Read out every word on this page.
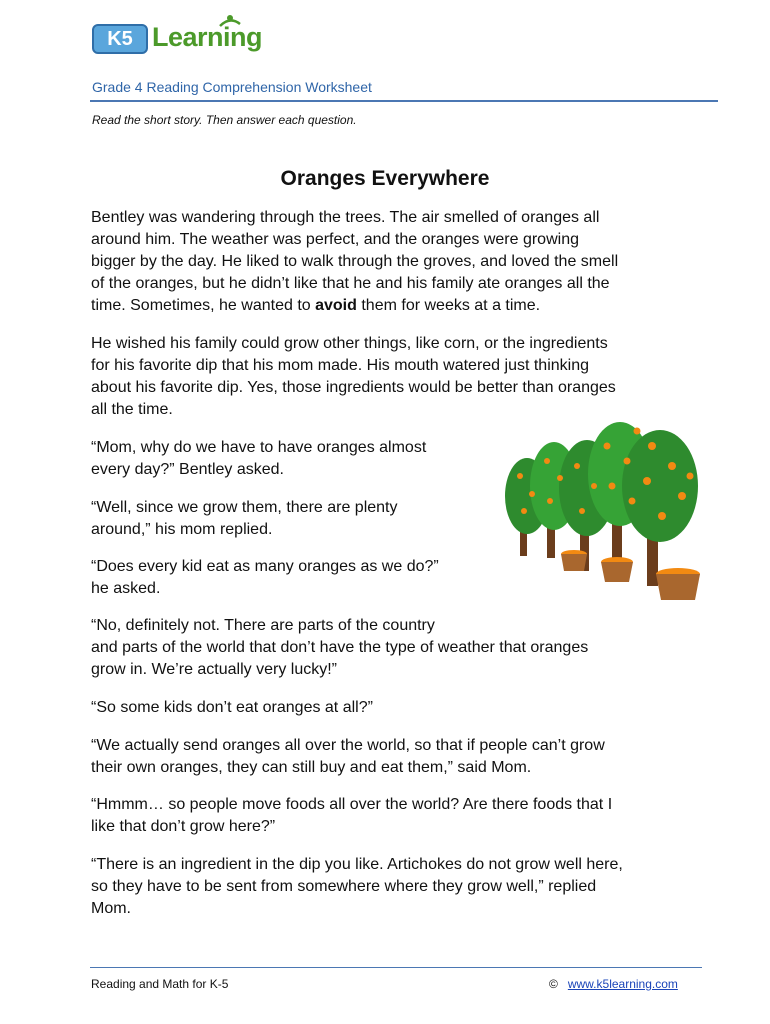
K5 Learning
Grade 4 Reading Comprehension Worksheet
Read the short story. Then answer each question.
Oranges Everywhere
Bentley was wandering through the trees. The air smelled of oranges all
around him. The weather was perfect, and the oranges were growing
bigger by the day. He liked to walk through the groves, and loved the smell
of the oranges, but he didn’t like that he and his family ate oranges all the
time. Sometimes, he wanted to avoid them for weeks at a time.
He wished his family could grow other things, like corn, or the ingredients
for his favorite dip that his mom made. His mouth watered just thinking
about his favorite dip. Yes, those ingredients would be better than oranges
all the time.
“Mom, why do we have to have oranges almost
every day?” Bentley asked.
“Well, since we grow them, there are plenty
around,” his mom replied.
“Does every kid eat as many oranges as we do?”
he asked.
“No, definitely not. There are parts of the country
and parts of the world that don’t have the type of weather that oranges
grow in. We’re actually very lucky!”
“So some kids don’t eat oranges at all?”
“We actually send oranges all over the world, so that if people can’t grow
their own oranges, they can still buy and eat them,” said Mom.
“Hmmm… so people move foods all over the world? Are there foods that I
like that don’t grow here?”
“There is an ingredient in the dip you like. Artichokes do not grow well here,
so they have to be sent from somewhere where they grow well,” replied
Mom.
Reading and Math for K-5	© www.k5learning.com
